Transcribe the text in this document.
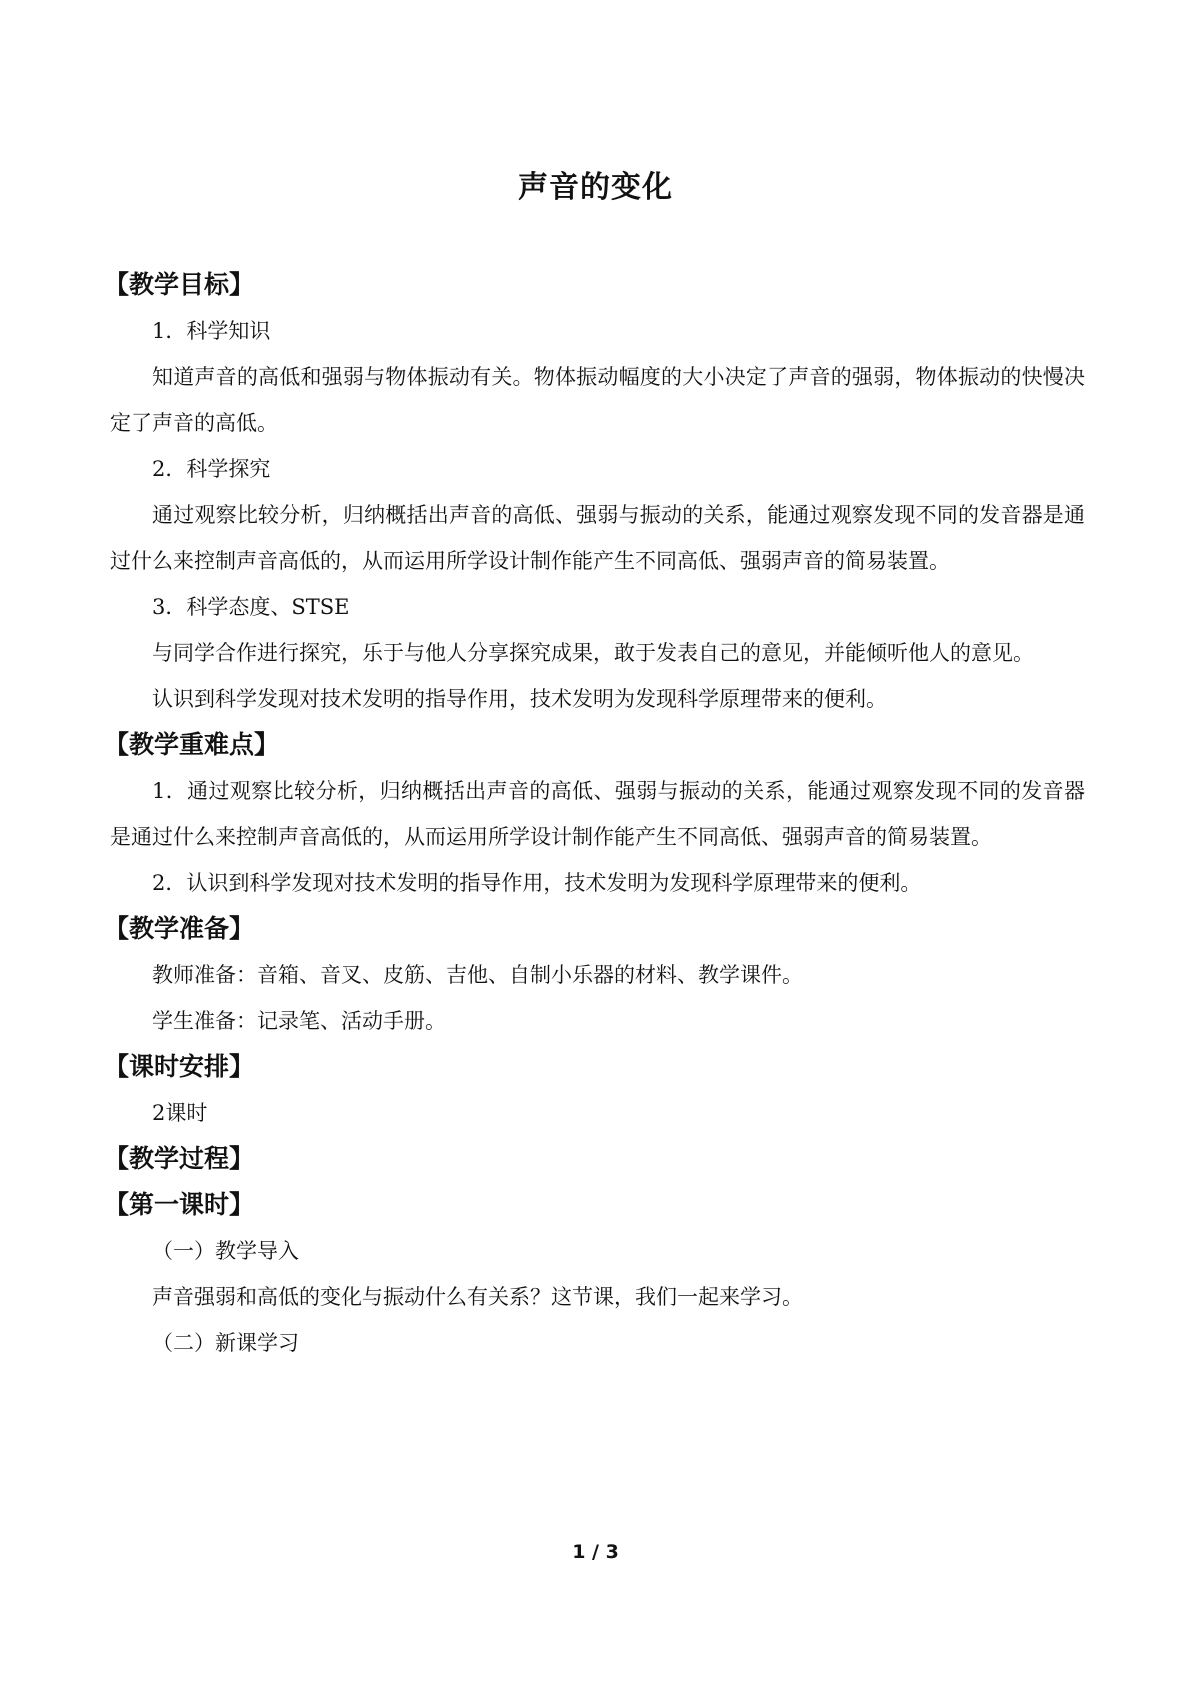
声音的变化
【教学目标】

1．科学知识

知道声音的高低和强弱与物体振动有关。物体振动幅度的大小决定了声音的强弱，物体振动的快慢决定了声音的高低。

2．科学探究

通过观察比较分析，归纳概括出声音的高低、强弱与振动的关系，能通过观察发现不同的发音器是通过什么来控制声音高低的，从而运用所学设计制作能产生不同高低、强弱声音的简易装置。

3．科学态度、STSE

与同学合作进行探究，乐于与他人分享探究成果，敢于发表自己的意见，并能倾听他人的意见。

认识到科学发现对技术发明的指导作用，技术发明为发现科学原理带来的便利。

【教学重难点】

1．通过观察比较分析，归纳概括出声音的高低、强弱与振动的关系，能通过观察发现不同的发音器是通过什么来控制声音高低的，从而运用所学设计制作能产生不同高低、强弱声音的简易装置。

2．认识到科学发现对技术发明的指导作用，技术发明为发现科学原理带来的便利。

【教学准备】

教师准备：音箱、音叉、皮筋、吉他、自制小乐器的材料、教学课件。

学生准备：记录笔、活动手册。

【课时安排】

2课时

【教学过程】
【第一课时】

（一）教学导入

声音强弱和高低的变化与振动什么有关系？这节课，我们一起来学习。

（二）新课学习

1 / 3
